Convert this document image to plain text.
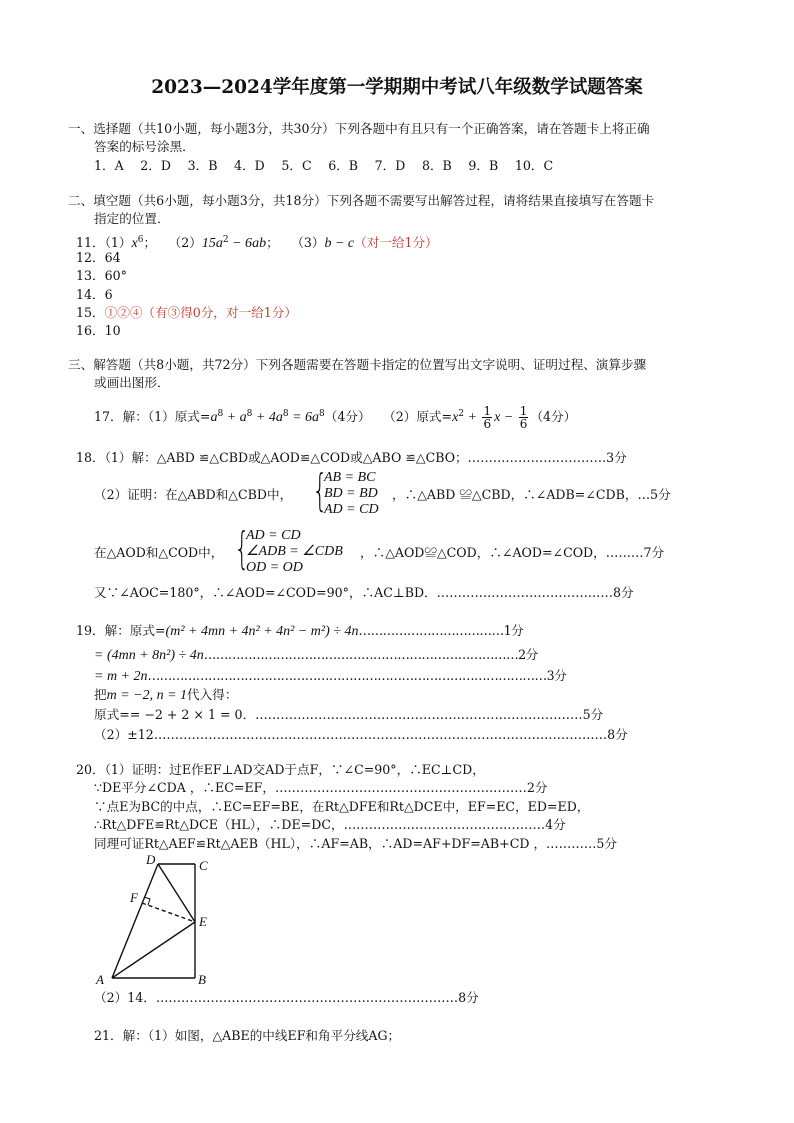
2023—2024学年度第一学期期中考试八年级数学试题答案
一、选择题（共10小题，每小题3分，共30分）下列各题中有且只有一个正确答案，请在答题卡上将正确
答案的标号涂黑．
1．A　 2．D　 3．B　 4．D　 5．C　 6．B　 7．D　 8．B　 9．B　 10．C
二、填空题（共6小题，每小题3分，共18分）下列各题不需要写出解答过程，请将结果直接填写在答题卡
指定的位置．
11．$(1)x^6$；　　$(2)15a^2 - 6ab$；　　（3）b − c（对一给1分）
12．64
13．60°
14．6
15．①②④（有③得0分，对一给1分）
16．10
三、解答题（共8小题，共72分）下列各题需要在答题卡指定的位置写出文字说明、证明过程、演算步骤
或画出图形．
17．解：（1）原式$=a^8 + a^8 + 4a^8 = 6a^8(4$分）　　（2）原式$=x^2 + \frac{1}{6}$ $x - \frac{1}{6} (4$分）
18．（1）解：△ABD ≌△CBD或△AOD≌△COD或△ABO ≌△CBO；……………………………3分
（2）证明：在△ABD和△CBD中， {
AB = BC
BD = BD
AD = CD
，∴△ABD ≌△CBD，∴∠ADB=∠CDB，…5分
在△AOD和△COD中， {
AD = CD
∠ADB = ∠CDB
OD = OD
，∴△AOD≌△COD，∴∠AOD=∠COD，………7分
又∵∠AOC=180°，∴∠AOD=∠COD=90°，∴AC⊥BD．……………………………………8分
19．解：原式=(m² + 4mn + 4n² + 4n² − m²) ÷ 4n………………………………1分
= (4mn + 8n²) ÷ 4n……………………………………………………………………2分
= m + 2n………………………………………………………………………………………3分
把m = −2, n = 1代入得：
原式== −2 + 2 × 1 = 0．……………………………………………………………………5分
（2）±12………………………………………………………………………………………………8分
20．（1）证明：过E作EF⊥AD交AD于点F，∵∠C=90°，∴EC⊥CD，
∵DE平分∠CDA ，∴EC=EF，……………………………………………………2分
∵点E为BC的中点，∴EC=EF=BE，在Rt△DFE和Rt△DCE中，EF=EC，ED=ED，
∴Rt△DFE≌Rt△DCE（HL），∴DE=DC，…………………………………………4分
同理可证Rt△AEF≌Rt△AEB（HL），∴AF=AB，∴AD=AF+DF=AB+CD ，…………5分
D	C
F
E
A	B
（2）14．………………………………………………………………8分
21．解：（1）如图，△ABE的中线EF和角平分线AG；
